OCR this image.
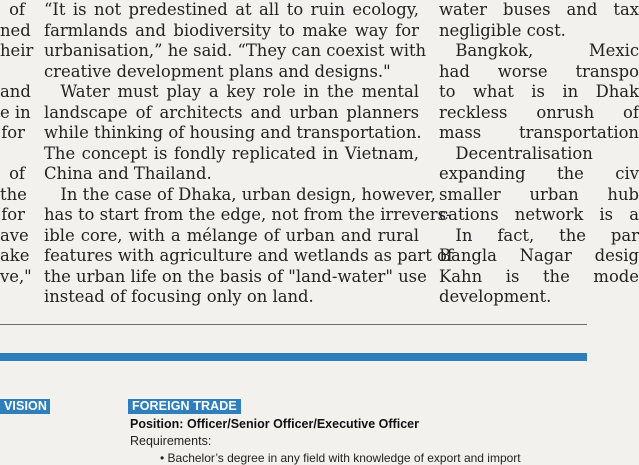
of

ned

heir

and

e in

for

of

the

for

ave

ake

ve,"

“It is not predestined at all to ruin ecology,

farmlands and biodiversity to make way for

urbanisation,” he said. “They can coexist with

creative development plans and designs."

 Water must play a key role in the mental

landscape of architects and urban planners

while thinking of housing and transportation.

The concept is fondly replicated in Vietnam,

China and Thailand.

 In the case of Dhaka, urban design, however,

has to start from the edge, not from the irrevers-

ible core, with a mélange of urban and rural

features with agriculture and wetlands as part of

the urban life on the basis of "land-water" use

instead of focusing only on land.

water buses and tax

negligible cost.

 Bangkok, Mexic

had worse transpo

to what is in Dhak

reckless onrush of

mass transportation

 Decentralisation

expanding the civ

smaller urban hub

cations network is a

 In fact, the par

Bangla Nagar desig

Kahn is the mode

development.

VISION	FOREIGN TRADE
Position: Officer/Senior Officer/Executive Officer
Requirements:
• Bachelor’s degree in any field with knowledge of export and import
